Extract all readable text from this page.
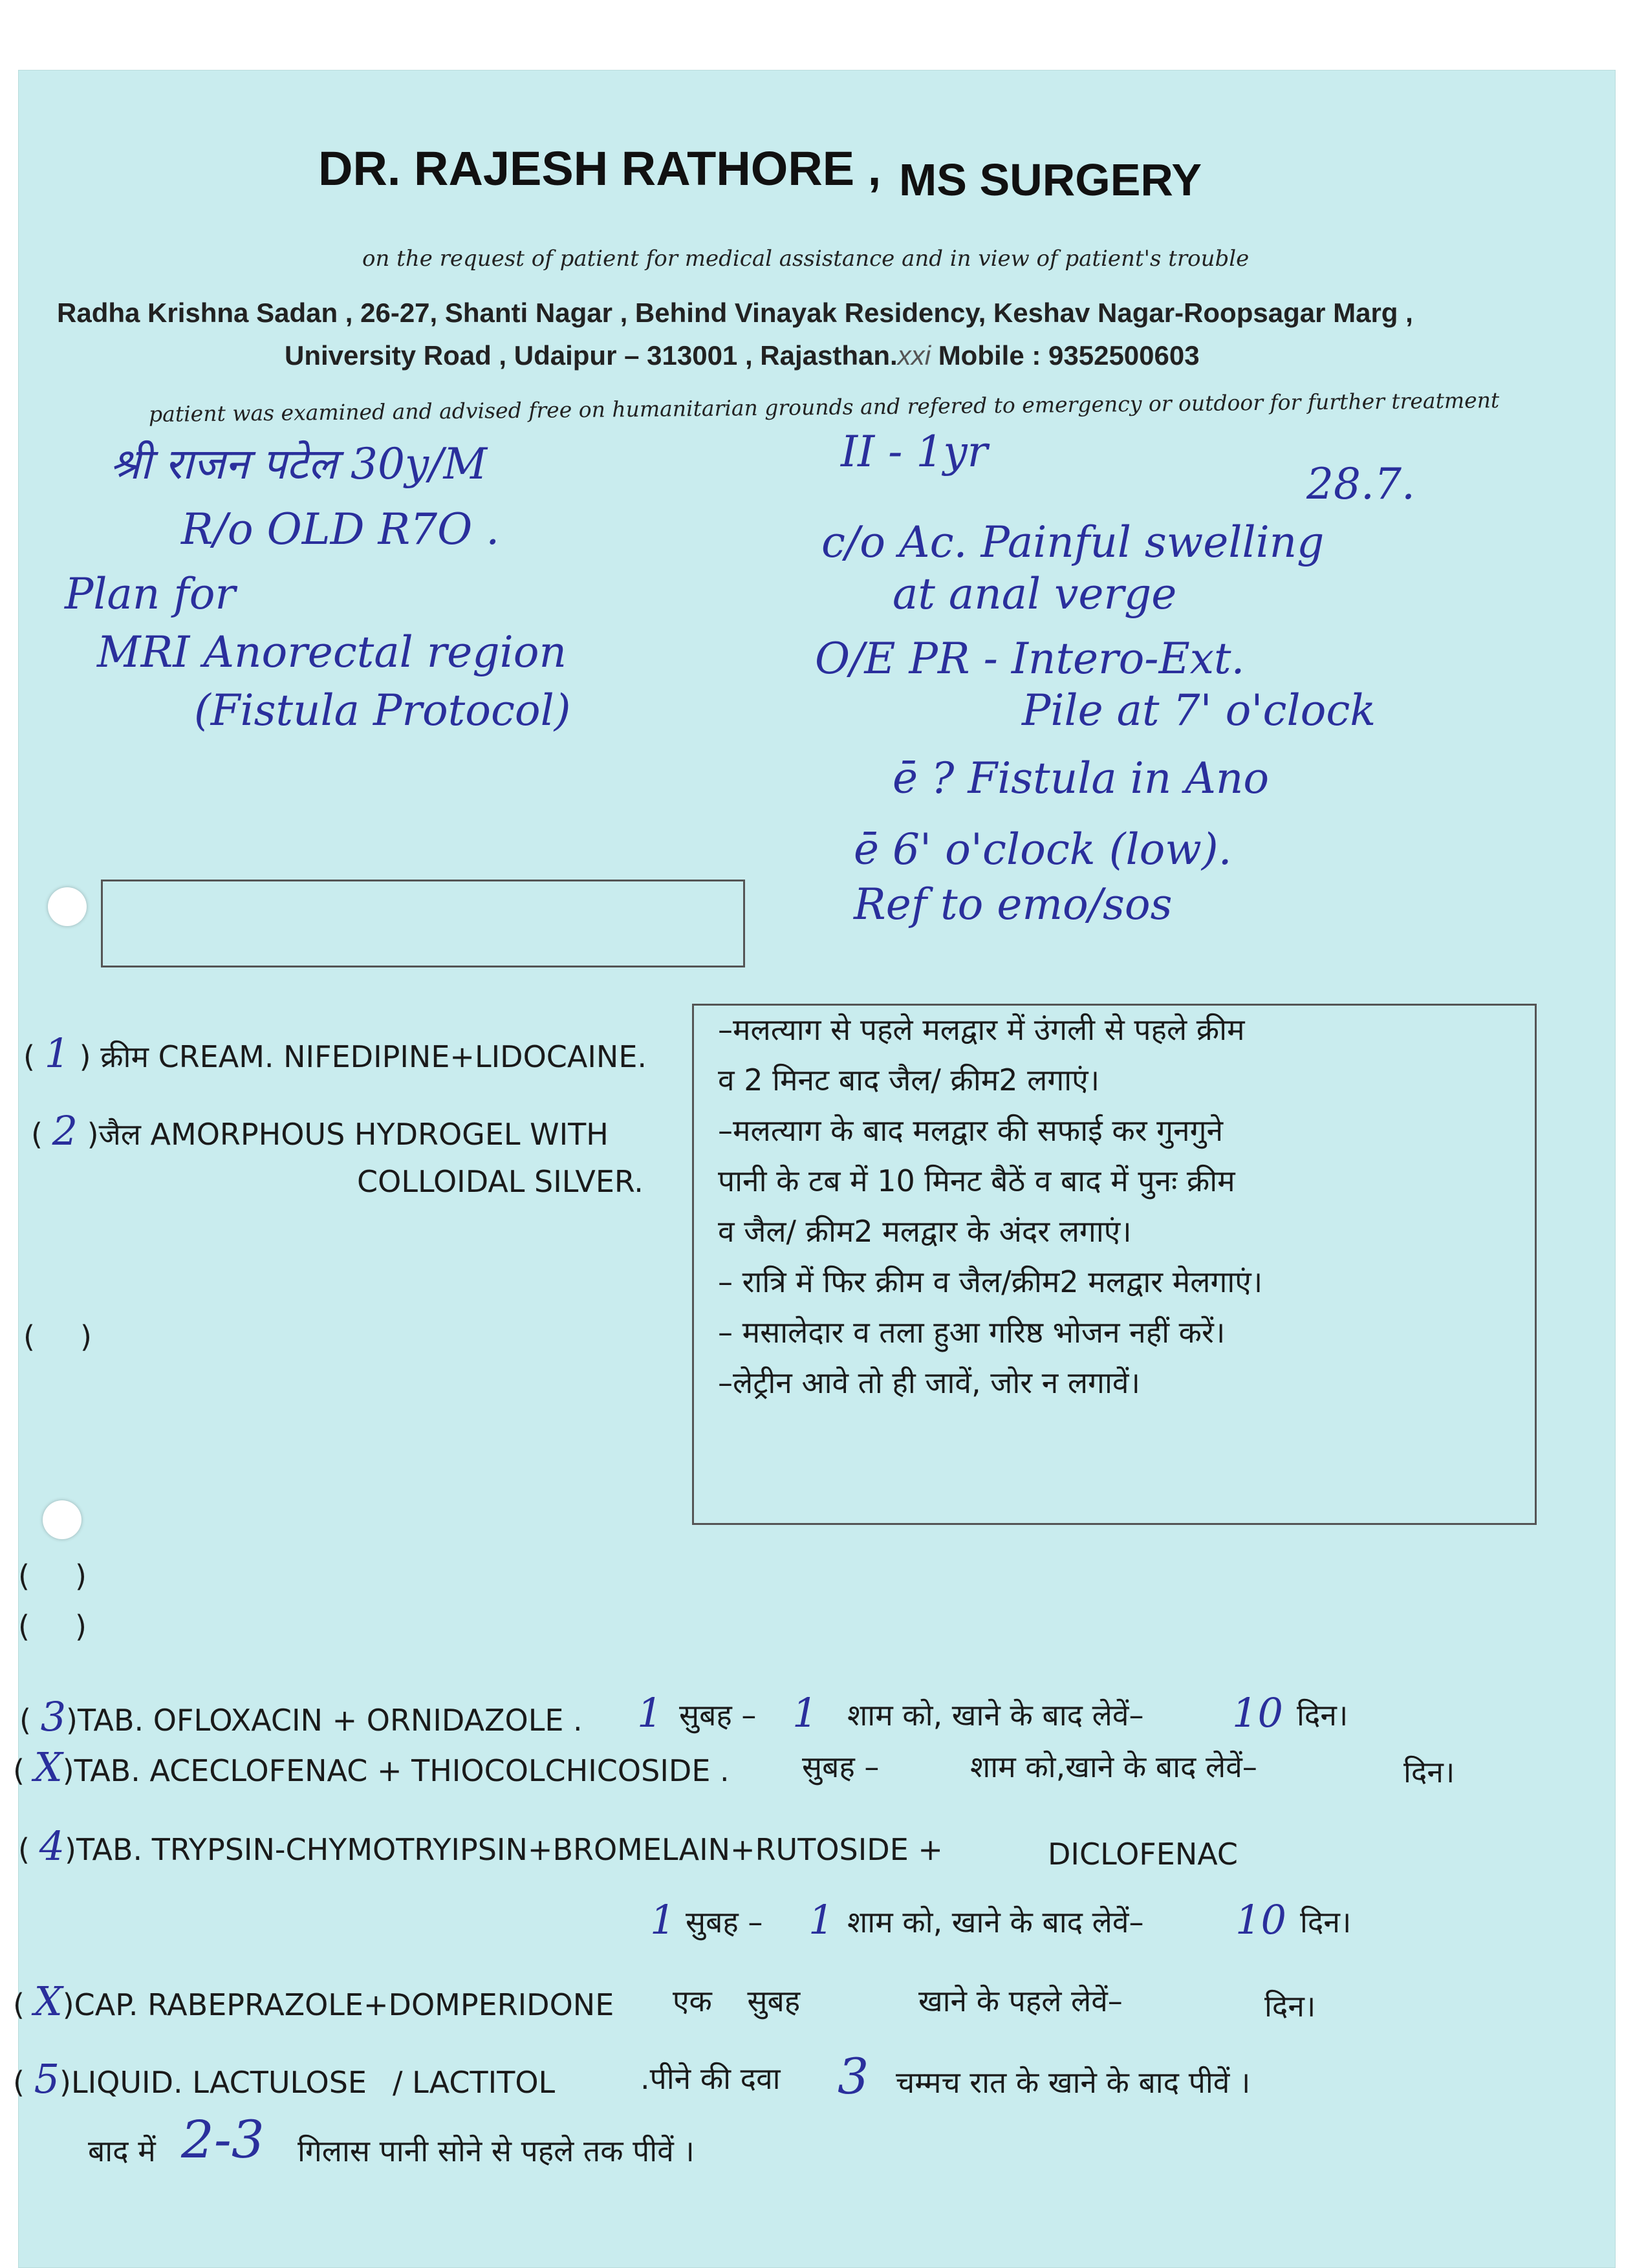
DR. RAJESH RATHORE , MS SURGERY
on the request of patient for medical assistance and in view of patient's trouble
Radha Krishna Sadan , 26-27, Shanti Nagar , Behind Vinayak Residency, Keshav Nagar-Roopsagar Marg ,
University Road , Udaipur – 313001 , Rajasthan.xxi Mobile : 9352500603
patient was examined and advised free on humanitarian grounds and refered to emergency or outdoor for further treatment
श्री राजन पटेल 30y/M
R/o OLD R7O .
II - 1yr
28.7.
Plan for
MRI Anorectal region
(Fistula Protocol)
c/o Ac. Painful swelling
at anal verge
O/E PR - Intero-Ext.
Pile at 7' o'clock
ē ? Fistula in Ano
ē 6' o'clock (low).
Ref to emo/sos
–मलत्याग से पहले मलद्वार में उंगली से पहले क्रीम
व 2 मिनट बाद जैल/ क्रीम2 लगाएं।
–मलत्याग के बाद मलद्वार की सफाई कर गुनगुने
पानी के टब में 10 मिनट बैठें व बाद में पुनः क्रीम
व जैल/ क्रीम2 मलद्वार के अंदर लगाएं।
– रात्रि में फिर क्रीम व जैल/क्रीम2 मलद्वार मेलगाएं।
– मसालेदार व तला हुआ गरिष्ठ भोजन नहीं करें।
–लेट्रीन आवे तो ही जावें, जोर न लगावें।
( 1 ) क्रीम CREAM. NIFEDIPINE+LIDOCAINE.
( 2 )जैल AMORPHOUS HYDROGEL WITH
COLLOIDAL SILVER.
( )
( )
( )
( 3)TAB. OFLOXACIN + ORNIDAZOLE . 1 सुबह – 1 शाम को, खाने के बाद लेवें– 10 दिन।
( X)TAB. ACECLOFENAC + THIOCOLCHICOSIDE . सुबह –	शाम को,खाने के बाद लेवें–	दिन।
( 4)TAB. TRYPSIN-CHYMOTRYIPSIN+BROMELAIN+RUTOSIDE +	DICLOFENAC
1 सुबह – 1 शाम को, खाने के बाद लेवें– 10 दिन।
( X)CAP. RABEPRAZOLE+DOMPERIDONE एक सुबह	खाने के पहले लेवें–	दिन।
( 5)LIQUID. LACTULOSE / LACTITOL	.पीने की दवा 3 चम्मच रात के खाने के बाद पीवें ।
बाद में 2-3 गिलास पानी सोने से पहले तक पीवें ।
